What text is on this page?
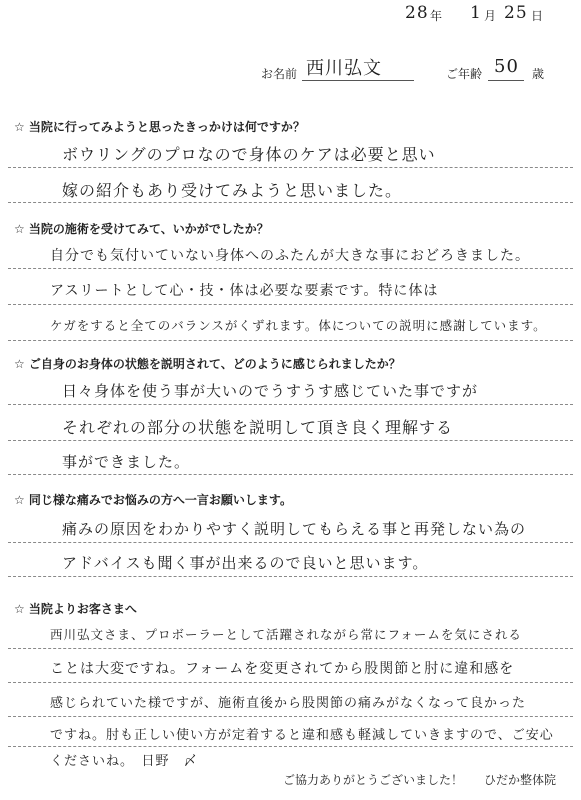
28 年 1 月 25 日
お名前 西川弘文	ご年齢 50 歳
☆ 当院に行ってみようと思ったきっかけは何ですか？
ボウリングのプロなので身体のケアは必要と思い
嫁の紹介もあり受けてみようと思いました。
☆ 当院の施術を受けてみて、いかがでしたか？
自分でも気付いていない身体へのふたんが大きな事におどろきました。
アスリートとして心・技・体は必要な要素です。特に体は
ケガをすると全てのバランスがくずれます。体についての説明に感謝しています。
☆ ご自身のお身体の状態を説明されて、どのように感じられましたか？
日々身体を使う事が大いのでうすうす感じていた事ですが
それぞれの部分の状態を説明して頂き良く理解する
事ができました。
☆ 同じ様な痛みでお悩みの方へ一言お願いします。
痛みの原因をわかりやすく説明してもらえる事と再発しない為の
アドバイスも聞く事が出来るので良いと思います。
☆ 当院よりお客さまへ
西川弘文さま、プロボーラーとして活躍されながら常にフォームを気にされる
ことは大変ですね。フォームを変更されてから股関節と肘に違和感を
感じられていた様ですが、施術直後から股関節の痛みがなくなって良かった
ですね。肘も正しい使い方が定着すると違和感も軽減していきますので、ご安心
くださいね。　日野　〆
ご協力ありがとうございました！ ひだか整体院
